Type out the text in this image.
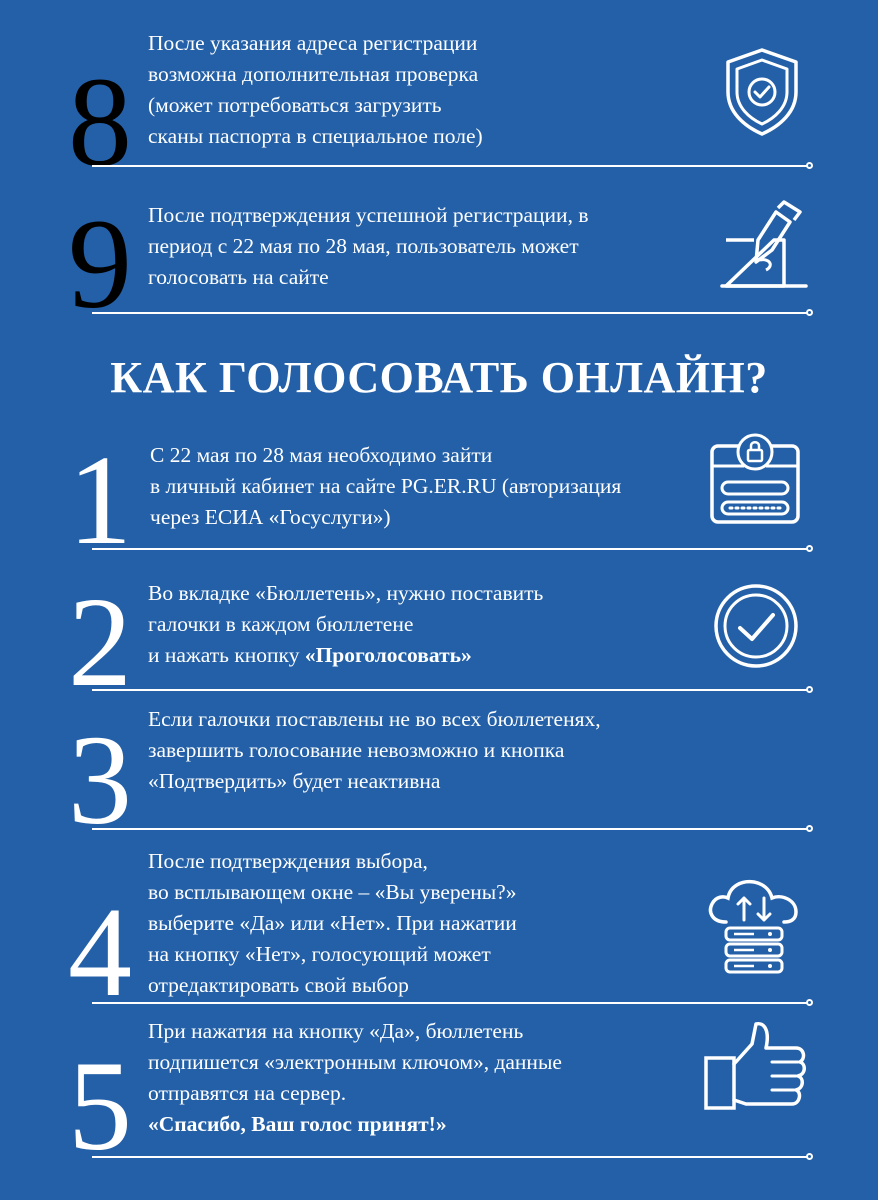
8
После указания адреса регистрации
возможна дополнительная проверка
(может потребоваться загрузить
сканы паспорта в специальное поле)
9 После подтверждения успешной регистрации, в
период с 22 мая по 28 мая, пользователь может
голосовать на сайте
КАК ГОЛОСОВАТЬ ОНЛАЙН?
1 С 22 мая по 28 мая необходимо зайти
в личный кабинет на сайте PG.ER.RU (авторизация
через ЕСИА «Госуслуги»)
2 Во вкладке «Бюллетень», нужно поставить
галочки в каждом бюллетене
и нажать кнопку «Проголосовать»
3 Если галочки поставлены не во всех бюллетенях,
завершить голосование невозможно и кнопка
«Подтвердить» будет неактивна
4
После подтверждения выбора,
во всплывающем окне – «Вы уверены?»
выберите «Да» или «Нет». При нажатии
на кнопку «Нет», голосующий может
отредактировать свой выбор
5
При нажатия на кнопку «Да», бюллетень
подпишется «электронным ключом», данные
отправятся на сервер.
«Спасибо, Ваш голос принят!»
